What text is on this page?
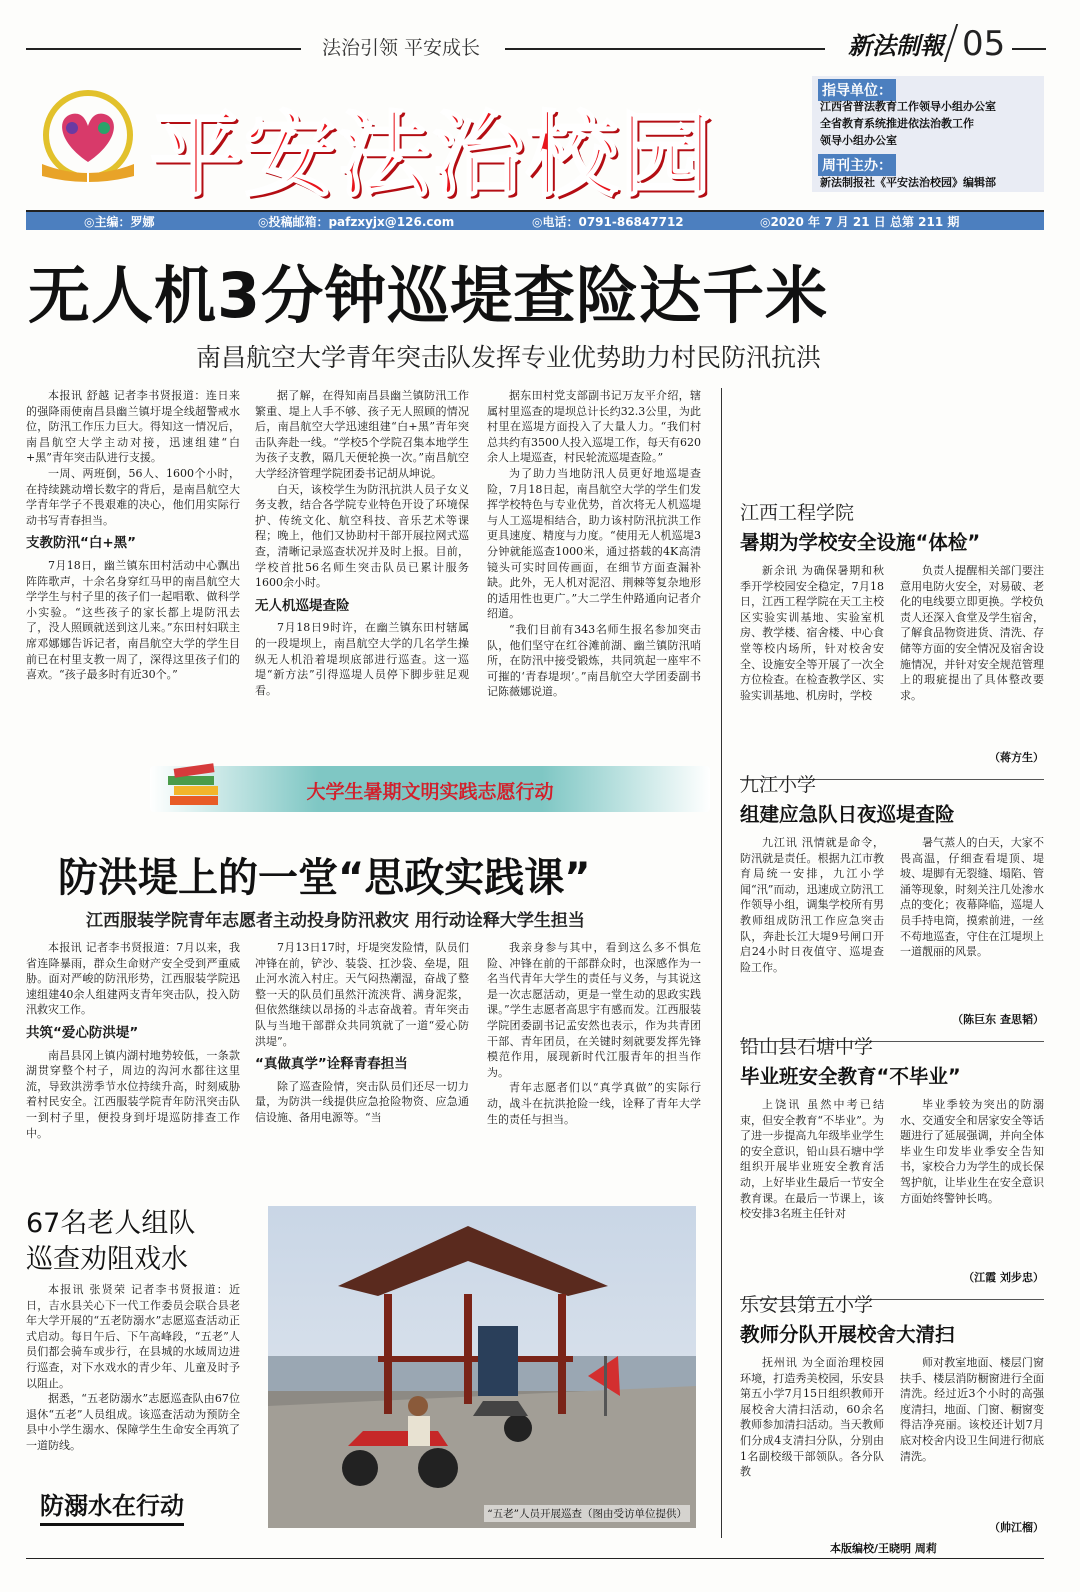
法治引领 平安成长	新法制報 05
平安法治校园
指导单位：
江西省普法教育工作领导小组办公室
全省教育系统推进依法治教工作
领导小组办公室
周刊主办：
新法制报社《平安法治校园》编辑部
◎主编：罗娜	◎投稿邮箱：pafzxyjx@126.com	◎电话：0791-86847712	◎2020 年 7 月 21 日 总第 211 期
无人机3分钟巡堤查险达千米
南昌航空大学青年突击队发挥专业优势助力村民防汛抗洪

本报讯 舒越 记者李书贤报道：连日来的强降雨使南昌县幽兰镇圩堤全线超警戒水位，防汛工作压力巨大。得知这一情况后，南昌航空大学主动对接，迅速组建“白+黑”青年突击队进行支援。

一周、两班倒，56人、1600个小时，在持续跳动增长数字的背后，是南昌航空大学青年学子不畏艰难的决心，他们用实际行动书写青春担当。

支教防汛“白+黑”

7月18日，幽兰镇东田村活动中心飘出阵阵歌声，十余名身穿红马甲的南昌航空大学学生与村子里的孩子们一起唱歌、做科学小实验。“这些孩子的家长都上堤防汛去了，没人照顾就送到这儿来。”东田村妇联主席邓娜娜告诉记者，南昌航空大学的学生目前已在村里支教一周了，深得这里孩子们的喜欢。“孩子最多时有近30个。”

据了解，在得知南昌县幽兰镇防汛工作繁重、堤上人手不够、孩子无人照顾的情况后，南昌航空大学迅速组建“白+黑”青年突击队奔赴一线。“学校5个学院召集本地学生为孩子支教，隔几天便轮换一次。”南昌航空大学经济管理学院团委书记胡从坤说。

白天，该校学生为防汛抗洪人员子女义务支教，结合各学院专业特色开设了环境保护、传统文化、航空科技、音乐艺术等课程；晚上，他们又协助村干部开展拉网式巡查，清晰记录巡查状况并及时上报。目前，学校首批56名师生突击队员已累计服务1600余小时。

无人机巡堤查险

7月18日9时许，在幽兰镇东田村辖属的一段堤坝上，南昌航空大学的几名学生操纵无人机沿着堤坝底部进行巡查。这一巡堤“新方法”引得巡堤人员停下脚步驻足观看。

据东田村党支部副书记万友平介绍，辖属村里巡查的堤坝总计长约32.3公里，为此村里在巡堤方面投入了大量人力。“我们村总共约有3500人投入巡堤工作，每天有620余人上堤巡查，村民轮流巡堤查险。”

为了助力当地防汛人员更好地巡堤查险，7月18日起，南昌航空大学的学生们发挥学校特色与专业优势，首次将无人机巡堤与人工巡堤相结合，助力该村防汛抗洪工作更具速度、精度与力度。“使用无人机巡堤3分钟就能巡查1000米，通过搭载的4K高清镜头可实时回传画面，在细节方面查漏补缺。此外，无人机对泥沼、荆棘等复杂地形的适用性也更广。”大二学生仲路通向记者介绍道。

“我们目前有343名师生报名参加突击队，他们坚守在红谷滩前湖、幽兰镇防汛哨所，在防汛中接受锻炼，共同筑起一座牢不可摧的‘青春堤坝’。”南昌航空大学团委副书记陈薇娜说道。

大学生暑期文明实践志愿行动
防洪堤上的一堂“思政实践课”
江西服装学院青年志愿者主动投身防汛救灾 用行动诠释大学生担当

本报讯 记者李书贤报道：7月以来，我省连降暴雨，群众生命财产安全受到严重威胁。面对严峻的防汛形势，江西服装学院迅速组建40余人组建两支青年突击队，投入防汛救灾工作。

共筑“爱心防洪堤”

南昌县冈上镇内湖村地势较低，一条款湖贯穿整个村子，周边的沟河水都往这里流，导致洪涝季节水位持续升高，时刻威胁着村民安全。江西服装学院青年防汛突击队一到村子里，便投身到圩堤巡防排查工作中。

7月13日17时，圩堤突发险情，队员们冲锋在前，铲沙、装袋、扛沙袋、垒堤，阻止河水流入村庄。天气闷热潮湿，奋战了整整一天的队员们虽然汗流浃背、满身泥浆，但依然继续以昂扬的斗志奋战着。青年突击队与当地干部群众共同筑就了一道“爱心防洪堤”。

“真做真学”诠释青春担当

除了巡查险情，突击队员们还尽一切力量，为防洪一线提供应急抢险物资、应急通信设施、备用电源等。“当

我亲身参与其中，看到这么多不惧危险、冲锋在前的干部群众时，也深感作为一名当代青年大学生的责任与义务，与其说这是一次志愿活动，更是一堂生动的思政实践课。”学生志愿者高思宇有感而发。江西服装学院团委副书记孟安然也表示，作为共青团干部、青年团员，在关键时刻就要发挥先锋模范作用，展现新时代江服青年的担当作为。

青年志愿者们以“真学真做”的实际行动，战斗在抗洪抢险一线，诠释了青年大学生的责任与担当。

67名老人组队
巡查劝阻戏水

本报讯 张贤荣 记者李书贤报道：近日，吉水县关心下一代工作委员会联合县老年大学开展的“五老防溺水”志愿巡查活动正式启动。每日午后、下午高峰段，“五老”人员们都会骑车或步行，在县城的水域周边进行巡查，对下水戏水的青少年、儿童及时予以阻止。

据悉，“五老防溺水”志愿巡查队由67位退休“五老”人员组成。该巡查活动为预防全县中小学生溺水、保障学生生命安全再筑了一道防线。

防溺水在行动	“五老”人员开展巡查（图由受访单位提供）
江西工程学院
暑期为学校安全设施“体检”
新余讯 为确保暑期和秋季开学校园安全稳定，7月18日，江西工程学院在天工主校区实验实训基地、实验室机房、教学楼、宿舍楼、中心食堂等校内场所，针对校舍安全、设施安全等开展了一次全方位检查。在检查教学区、实验实训基地、机房时，学校
负责人提醒相关部门要注意用电防火安全，对易破、老化的电线要立即更换。学校负责人还深入食堂及学生宿舍，了解食品物资进货、清洗、存储等方面的安全情况及宿舍设施情况，并针对安全规范管理上的瑕疵提出了具体整改要求。
（蒋方生）
九江小学
组建应急队日夜巡堤查险
九江讯 汛情就是命令，防汛就是责任。根据九江市教育局统一安排，九江小学闻“汛”而动，迅速成立防汛工作领导小组，调集学校所有男教师组成防汛工作应急突击队，奔赴长江大堤9号闸口开启24小时日夜值守、巡堤查险工作。
暑气蒸人的白天，大家不畏高温，仔细查看堤顶、堤坡、堤脚有无裂缝、塌陷、管涌等现象，时刻关注几处渗水点的变化；夜幕降临，巡堤人员手持电筒，摸索前进，一丝不苟地巡查，守住在江堤坝上一道靓丽的风景。
（陈巨东 查思韬）
铅山县石塘中学
毕业班安全教育“不毕业”
上饶讯 虽然中考已结束，但安全教育“不毕业”。为了进一步提高九年级毕业学生的安全意识，铅山县石塘中学组织开展毕业班安全教育活动，上好毕业生最后一节安全教育课。在最后一节课上，该校安排3名班主任针对
毕业季较为突出的防溺水、交通安全和居家安全等话题进行了延展强调，并向全体毕业生印发毕业季安全告知书，家校合力为学生的成长保驾护航，让毕业生在安全意识方面始终警钟长鸣。
（江霞 刘步忠）
乐安县第五小学
教师分队开展校舍大清扫
抚州讯 为全面治理校园环境，打造秀美校园，乐安县第五小学7月15日组织教师开展校舍大清扫活动，60余名教师参加清扫活动。当天教师们分成4支清扫分队，分别由1名副校级干部领队。各分队教
师对教室地面、楼层门窗扶手、楼层消防橱窗进行全面清洗。经过近3个小时的高强度清扫，地面、门窗、橱窗变得洁净亮丽。该校还计划7月底对校舍内设卫生间进行彻底清洗。
（帅江榴）
本版编校/王晓明 周莉
